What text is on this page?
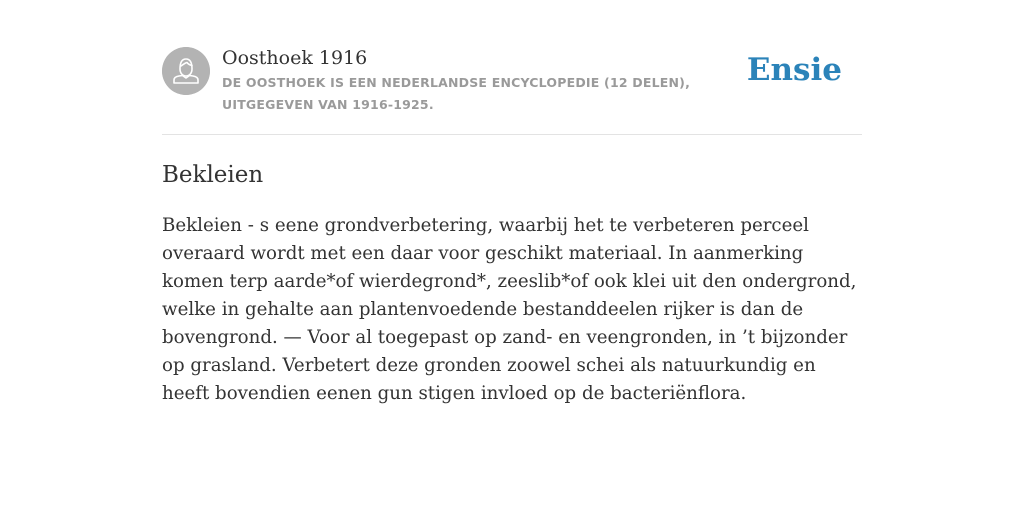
Oosthoek 1916
DE OOSTHOEK IS EEN NEDERLANDSE ENCYCLOPEDIE (12 DELEN), UITGEGEVEN VAN 1916-1925.
Ensie
Bekleien

Bekleien - s eene grondverbetering, waarbij het te verbeteren perceel overaard wordt met een daar voor geschikt materiaal. In aanmerking komen terp aarde*of wierdegrond*, zeeslib*of ook klei uit den ondergrond, welke in gehalte aan plantenvoedende bestanddeelen rijker is dan de bovengrond. — Voor al toegepast op zand- en veengronden, in ’t bijzonder op grasland. Verbetert deze gronden zoowel schei als natuurkundig en heeft bovendien eenen gun stigen invloed op de bacteriënflora.
